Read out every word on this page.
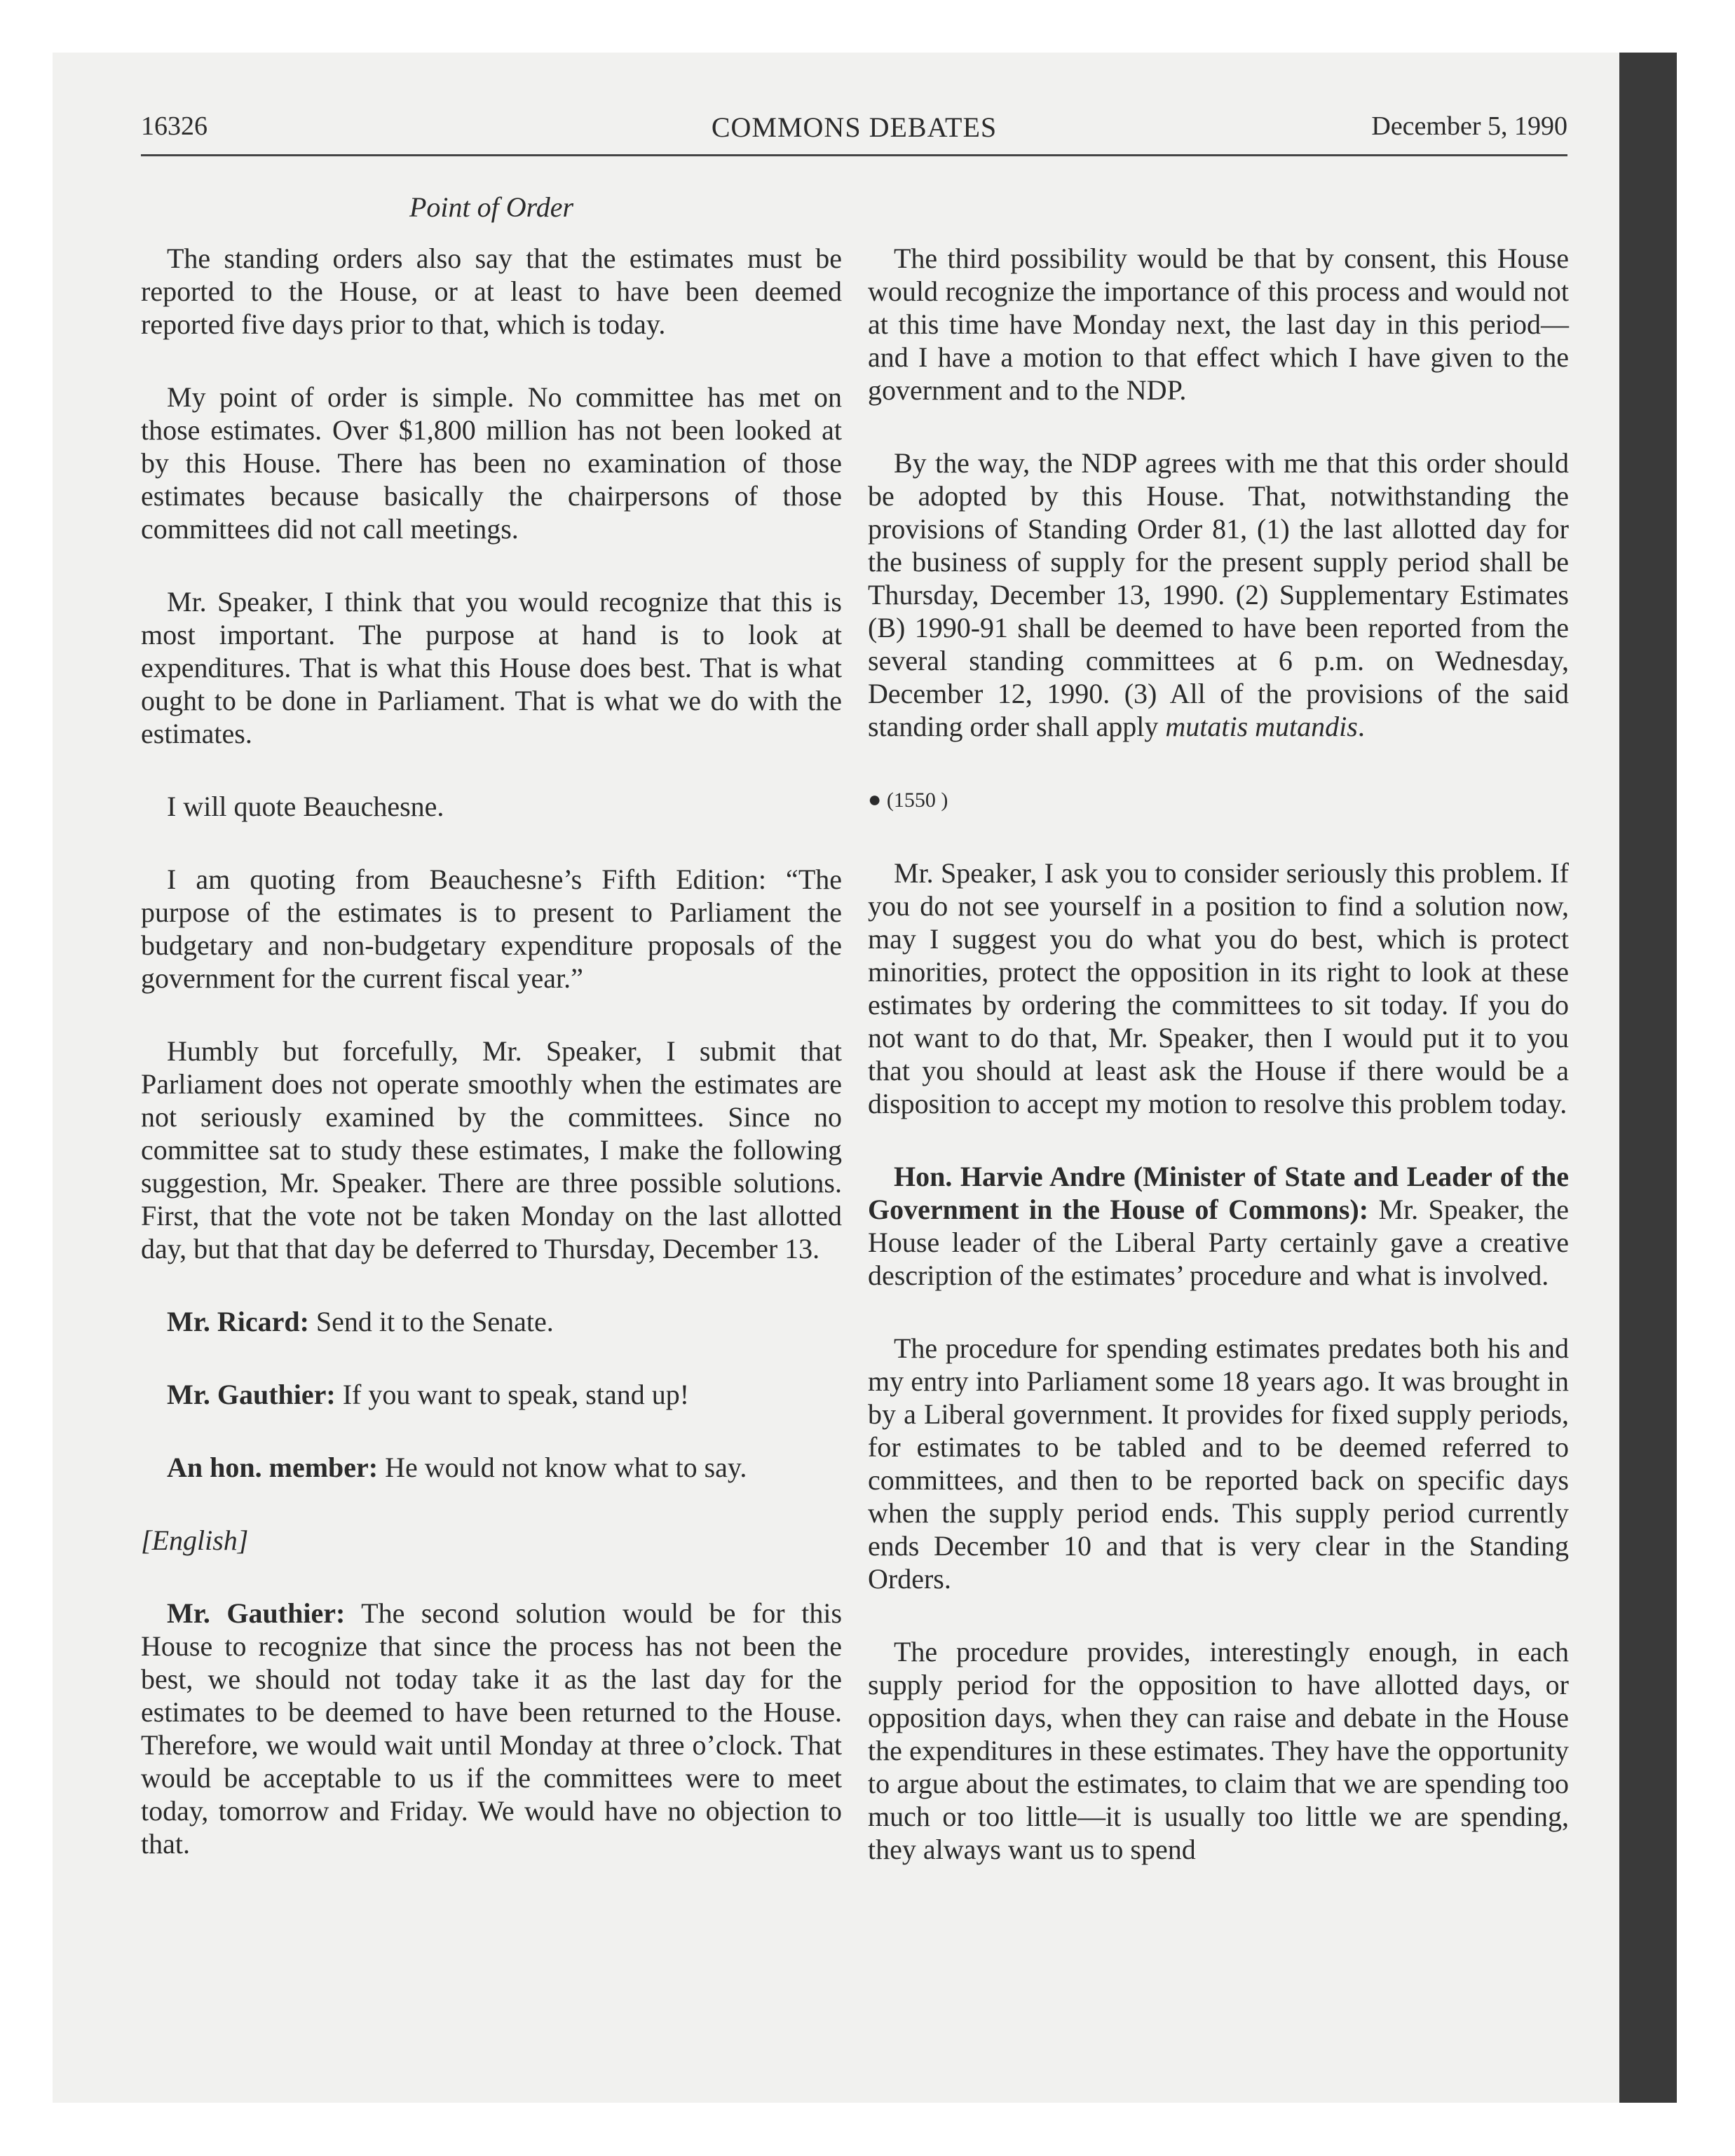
16326	COMMONS DEBATES	December 5, 1990
Point of Order

The standing orders also say that the estimates must be reported to the House, or at least to have been deemed reported five days prior to that, which is today.

My point of order is simple. No committee has met on those estimates. Over $1,800 million has not been looked at by this House. There has been no examination of those estimates because basically the chairpersons of those committees did not call meetings.

Mr. Speaker, I think that you would recognize that this is most important. The purpose at hand is to look at expenditures. That is what this House does best. That is what ought to be done in Parliament. That is what we do with the estimates.

I will quote Beauchesne.

I am quoting from Beauchesne’s Fifth Edition: “The purpose of the estimates is to present to Parliament the budgetary and non-budgetary expenditure proposals of the government for the current fiscal year.”

Humbly but forcefully, Mr. Speaker, I submit that Parliament does not operate smoothly when the estimates are not seriously examined by the committees. Since no committee sat to study these estimates, I make the following suggestion, Mr. Speaker. There are three possible solutions. First, that the vote not be taken Monday on the last allotted day, but that that day be deferred to Thursday, December 13.

Mr. Ricard: Send it to the Senate.

Mr. Gauthier: If you want to speak, stand up!

An hon. member: He would not know what to say.

[English]

Mr. Gauthier: The second solution would be for this House to recognize that since the process has not been the best, we should not today take it as the last day for the estimates to be deemed to have been returned to the House. Therefore, we would wait until Monday at three o’clock. That would be acceptable to us if the committees were to meet today, tomorrow and Friday. We would have no objection to that.

The third possibility would be that by consent, this House would recognize the importance of this process and would not at this time have Monday next, the last day in this period—and I have a motion to that effect which I have given to the government and to the NDP.

By the way, the NDP agrees with me that this order should be adopted by this House. That, notwithstanding the provisions of Standing Order 81, (1) the last allotted day for the business of supply for the present supply period shall be Thursday, December 13, 1990. (2) Supplementary Estimates (B) 1990-91 shall be deemed to have been reported from the several standing committees at 6 p.m. on Wednesday, December 12, 1990. (3) All of the provisions of the said standing order shall apply mutatis mutandis.

● (1550 )

Mr. Speaker, I ask you to consider seriously this problem. If you do not see yourself in a position to find a solution now, may I suggest you do what you do best, which is protect minorities, protect the opposition in its right to look at these estimates by ordering the committees to sit today. If you do not want to do that, Mr. Speaker, then I would put it to you that you should at least ask the House if there would be a disposition to accept my motion to resolve this problem today.

Hon. Harvie Andre (Minister of State and Leader of the Government in the House of Commons): Mr. Speaker, the House leader of the Liberal Party certainly gave a creative description of the estimates’ procedure and what is involved.

The procedure for spending estimates predates both his and my entry into Parliament some 18 years ago. It was brought in by a Liberal government. It provides for fixed supply periods, for estimates to be tabled and to be deemed referred to committees, and then to be reported back on specific days when the supply period ends. This supply period currently ends December 10 and that is very clear in the Standing Orders.

The procedure provides, interestingly enough, in each supply period for the opposition to have allotted days, or opposition days, when they can raise and debate in the House the expenditures in these estimates. They have the opportunity to argue about the estimates, to claim that we are spending too much or too little—it is usually too little we are spending, they always want us to spend
